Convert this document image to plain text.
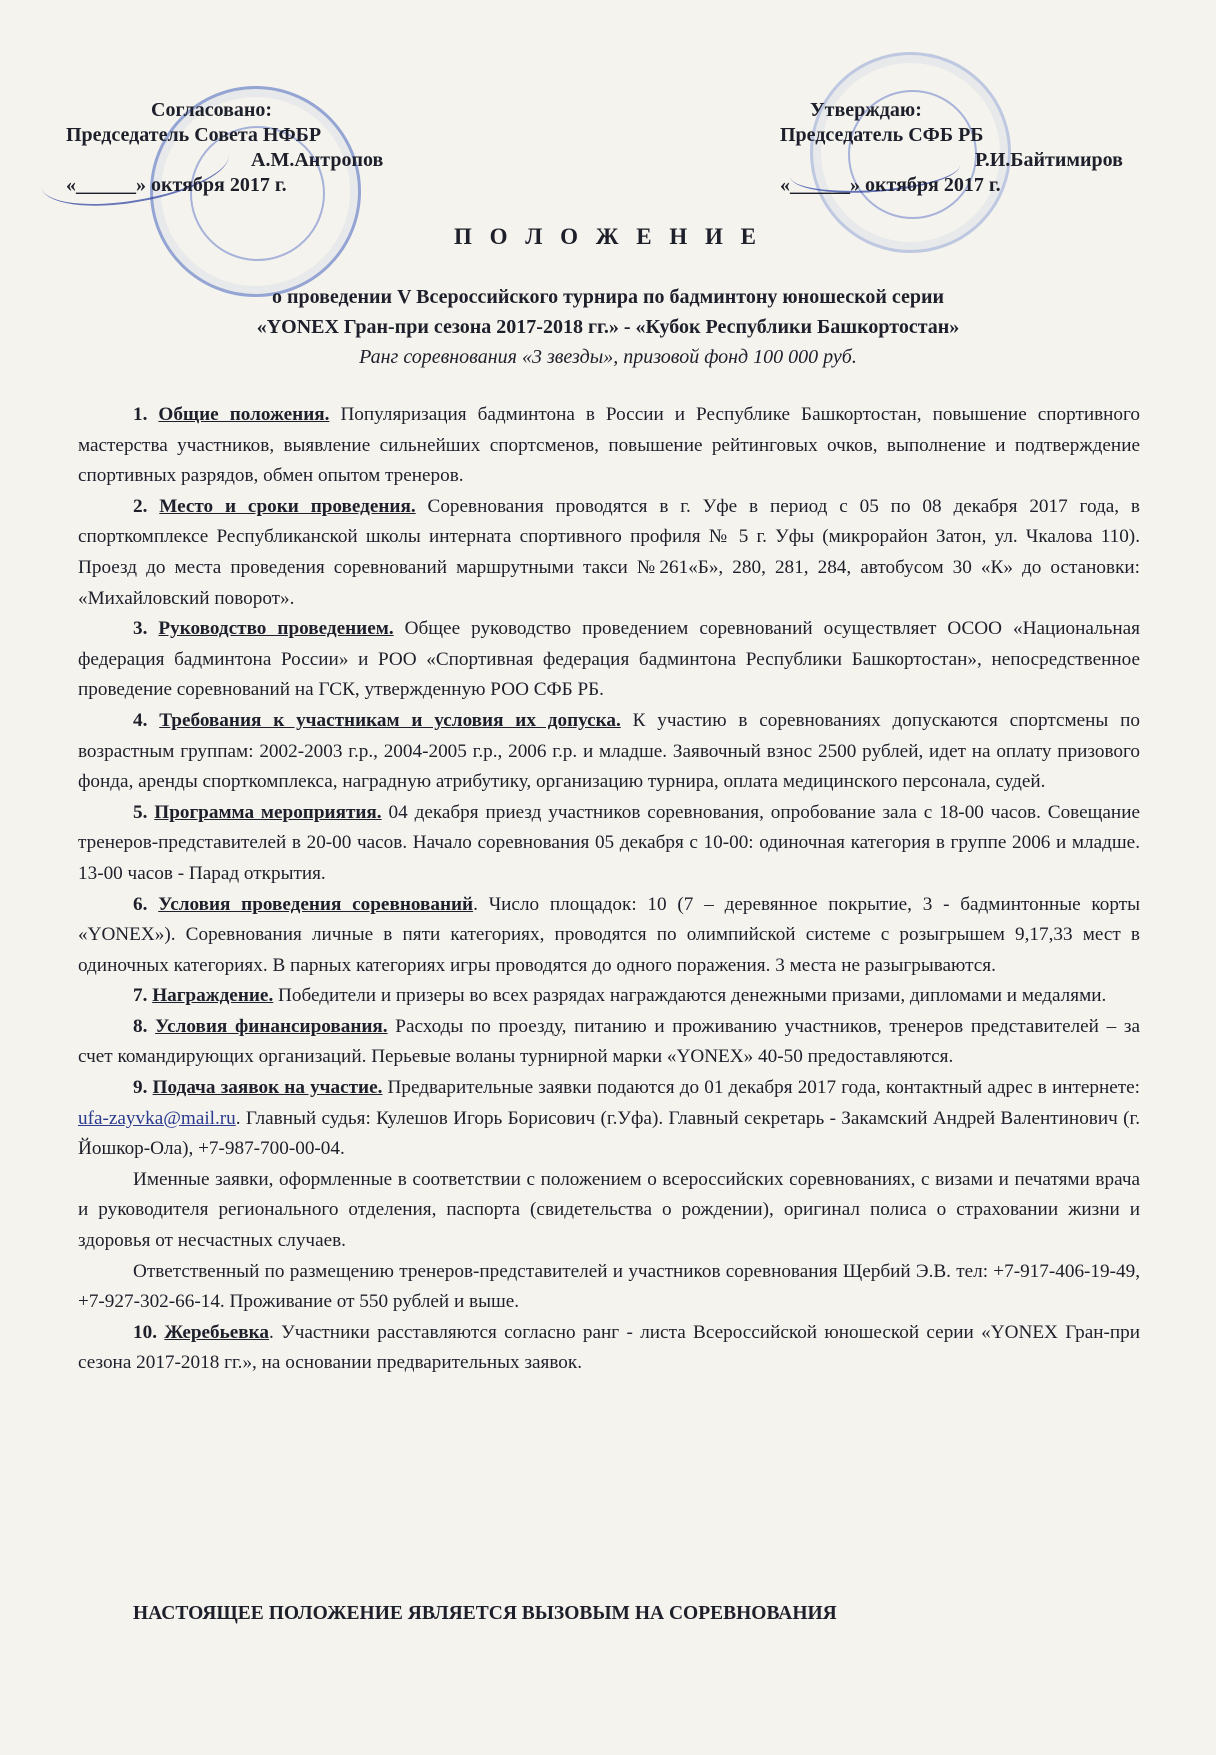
Согласовано:
Председатель Совета НФБР
А.М.Антропов
«______» октября 2017 г.
Утверждаю:
Председатель СФБ РБ
Р.И.Байтимиров
«______» октября 2017 г.
П О Л О Ж Е Н И Е
о проведении V Всероссийского турнира по бадминтону юношеской серии
«YONEX Гран-при сезона 2017-2018 гг.» - «Кубок Республики Башкортостан»
Ранг соревнования «3 звезды», призовой фонд 100 000 руб.

1. Общие положения. Популяризация бадминтона в России и Республике Башкортостан, повышение спортивного мастерства участников, выявление сильнейших спортсменов, повышение рейтинговых очков, выполнение и подтверждение спортивных разрядов, обмен опытом тренеров.

2. Место и сроки проведения. Соревнования проводятся в г. Уфе в период с 05 по 08 декабря 2017 года, в спорткомплексе Республиканской школы интерната спортивного профиля № 5 г. Уфы (микрорайон Затон, ул. Чкалова 110). Проезд до места проведения соревнований маршрутными такси №261«Б», 280, 281, 284, автобусом 30 «К» до остановки: «Михайловский поворот».

3. Руководство проведением. Общее руководство проведением соревнований осуществляет ОСОО «Национальная федерация бадминтона России» и РОО «Спортивная федерация бадминтона Республики Башкортостан», непосредственное проведение соревнований на ГСК, утвержденную РОО СФБ РБ.

4. Требования к участникам и условия их допуска. К участию в соревнованиях допускаются спортсмены по возрастным группам: 2002-2003 г.р., 2004-2005 г.р., 2006 г.р. и младше. Заявочный взнос 2500 рублей, идет на оплату призового фонда, аренды спорткомплекса, наградную атрибутику, организацию турнира, оплата медицинского персонала, судей.

5. Программа мероприятия. 04 декабря приезд участников соревнования, опробование зала с 18-00 часов. Совещание тренеров-представителей в 20-00 часов. Начало соревнования 05 декабря с 10-00: одиночная категория в группе 2006 и младше. 13-00 часов - Парад открытия.

6. Условия проведения соревнований. Число площадок: 10 (7 – деревянное покрытие, 3 - бадминтонные корты «YONEX»). Соревнования личные в пяти категориях, проводятся по олимпийской системе с розыгрышем 9,17,33 мест в одиночных категориях. В парных категориях игры проводятся до одного поражения. 3 места не разыгрываются.

7. Награждение. Победители и призеры во всех разрядах награждаются денежными призами, дипломами и медалями.

8. Условия финансирования. Расходы по проезду, питанию и проживанию участников, тренеров представителей – за счет командирующих организаций. Перьевые воланы турнирной марки «YONEX» 40-50 предоставляются.

9. Подача заявок на участие. Предварительные заявки подаются до 01 декабря 2017 года, контактный адрес в интернете: ufa-zayvka@mail.ru. Главный судья: Кулешов Игорь Борисович (г.Уфа). Главный секретарь - Закамский Андрей Валентинович (г. Йошкор-Ола), +7-987-700-00-04.

Именные заявки, оформленные в соответствии с положением о всероссийских соревнованиях, с визами и печатями врача и руководителя регионального отделения, паспорта (свидетельства о рождении), оригинал полиса о страховании жизни и здоровья от несчастных случаев.

Ответственный по размещению тренеров-представителей и участников соревнования Щербий Э.В. тел: +7-917-406-19-49, +7-927-302-66-14. Проживание от 550 рублей и выше.

10. Жеребьевка. Участники расставляются согласно ранг - листа Всероссийской юношеской серии «YONEX Гран-при сезона 2017-2018 гг.», на основании предварительных заявок.

НАСТОЯЩЕЕ ПОЛОЖЕНИЕ ЯВЛЯЕТСЯ ВЫЗОВЫМ НА СОРЕВНОВАНИЯ
